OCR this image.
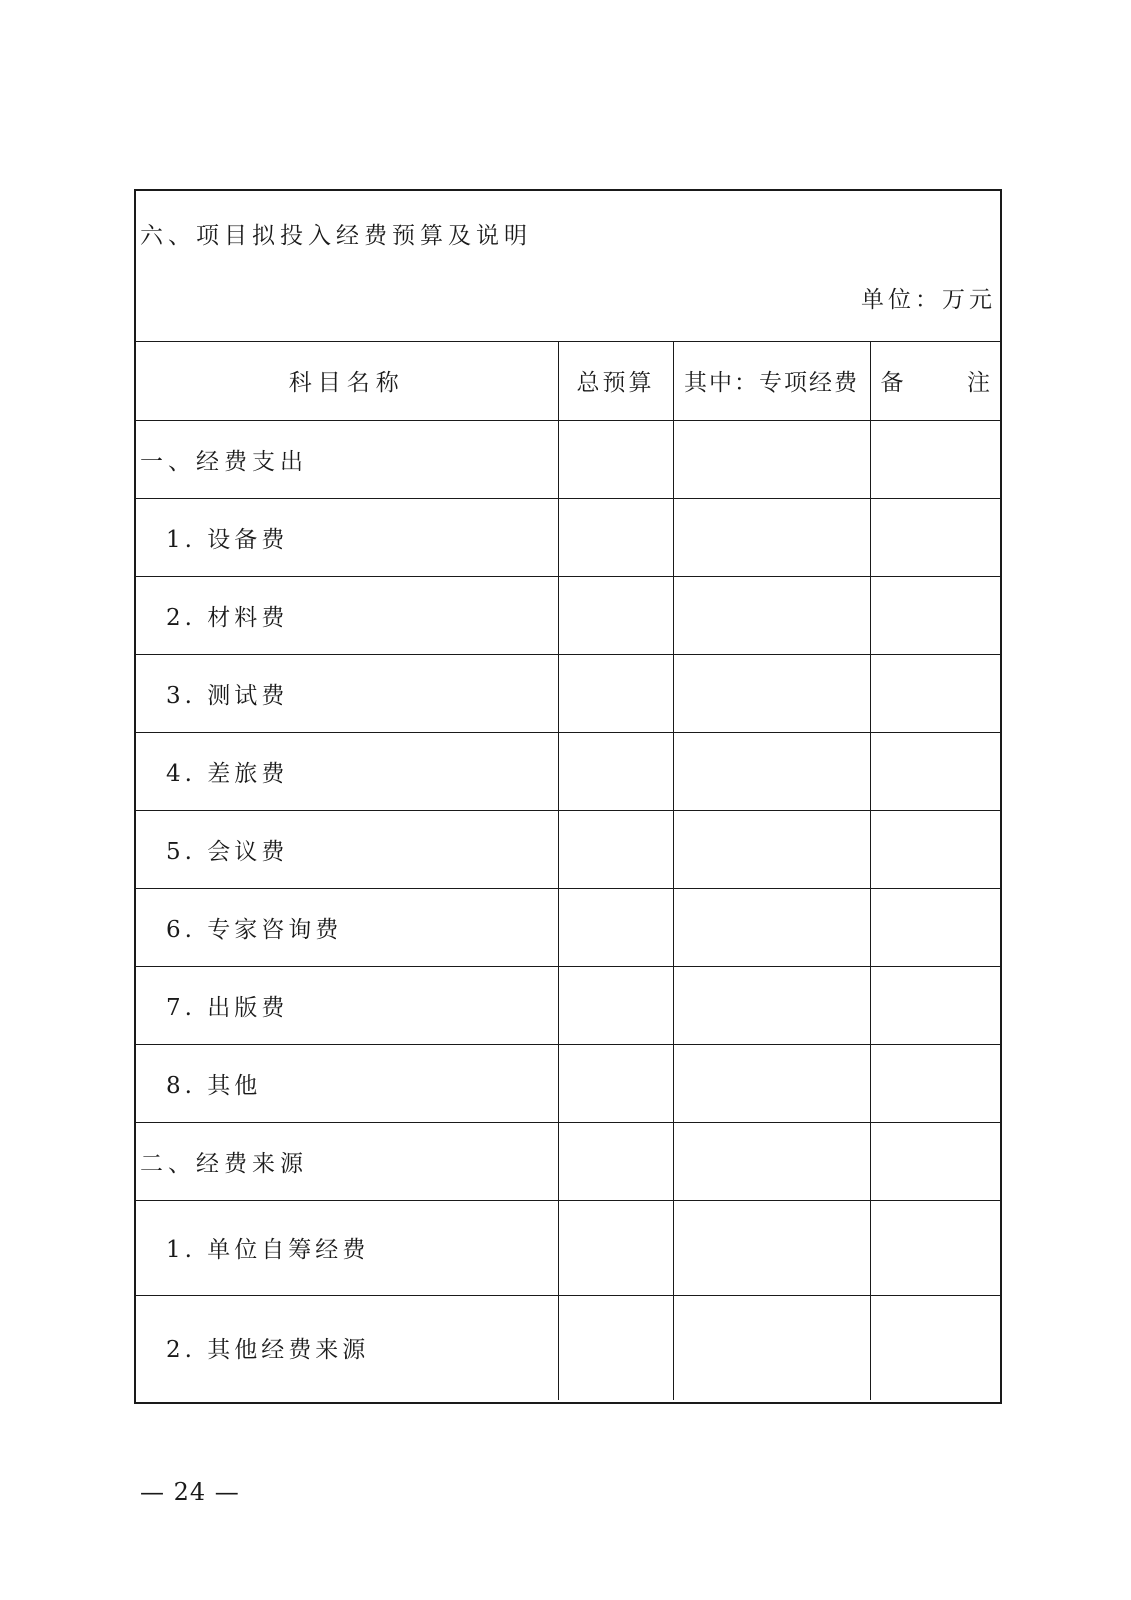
六、项目拟投入经费预算及说明
单位：万元
科目名称	总预算	其中：专项经费	备 注

一、经费支出			
1. 设备费			
2. 材料费			
3. 测试费			
4. 差旅费			
5. 会议费			
6. 专家咨询费			
7. 出版费			
8. 其他			
二、经费来源			
1. 单位自筹经费			
2. 其他经费来源			
— 24 —
